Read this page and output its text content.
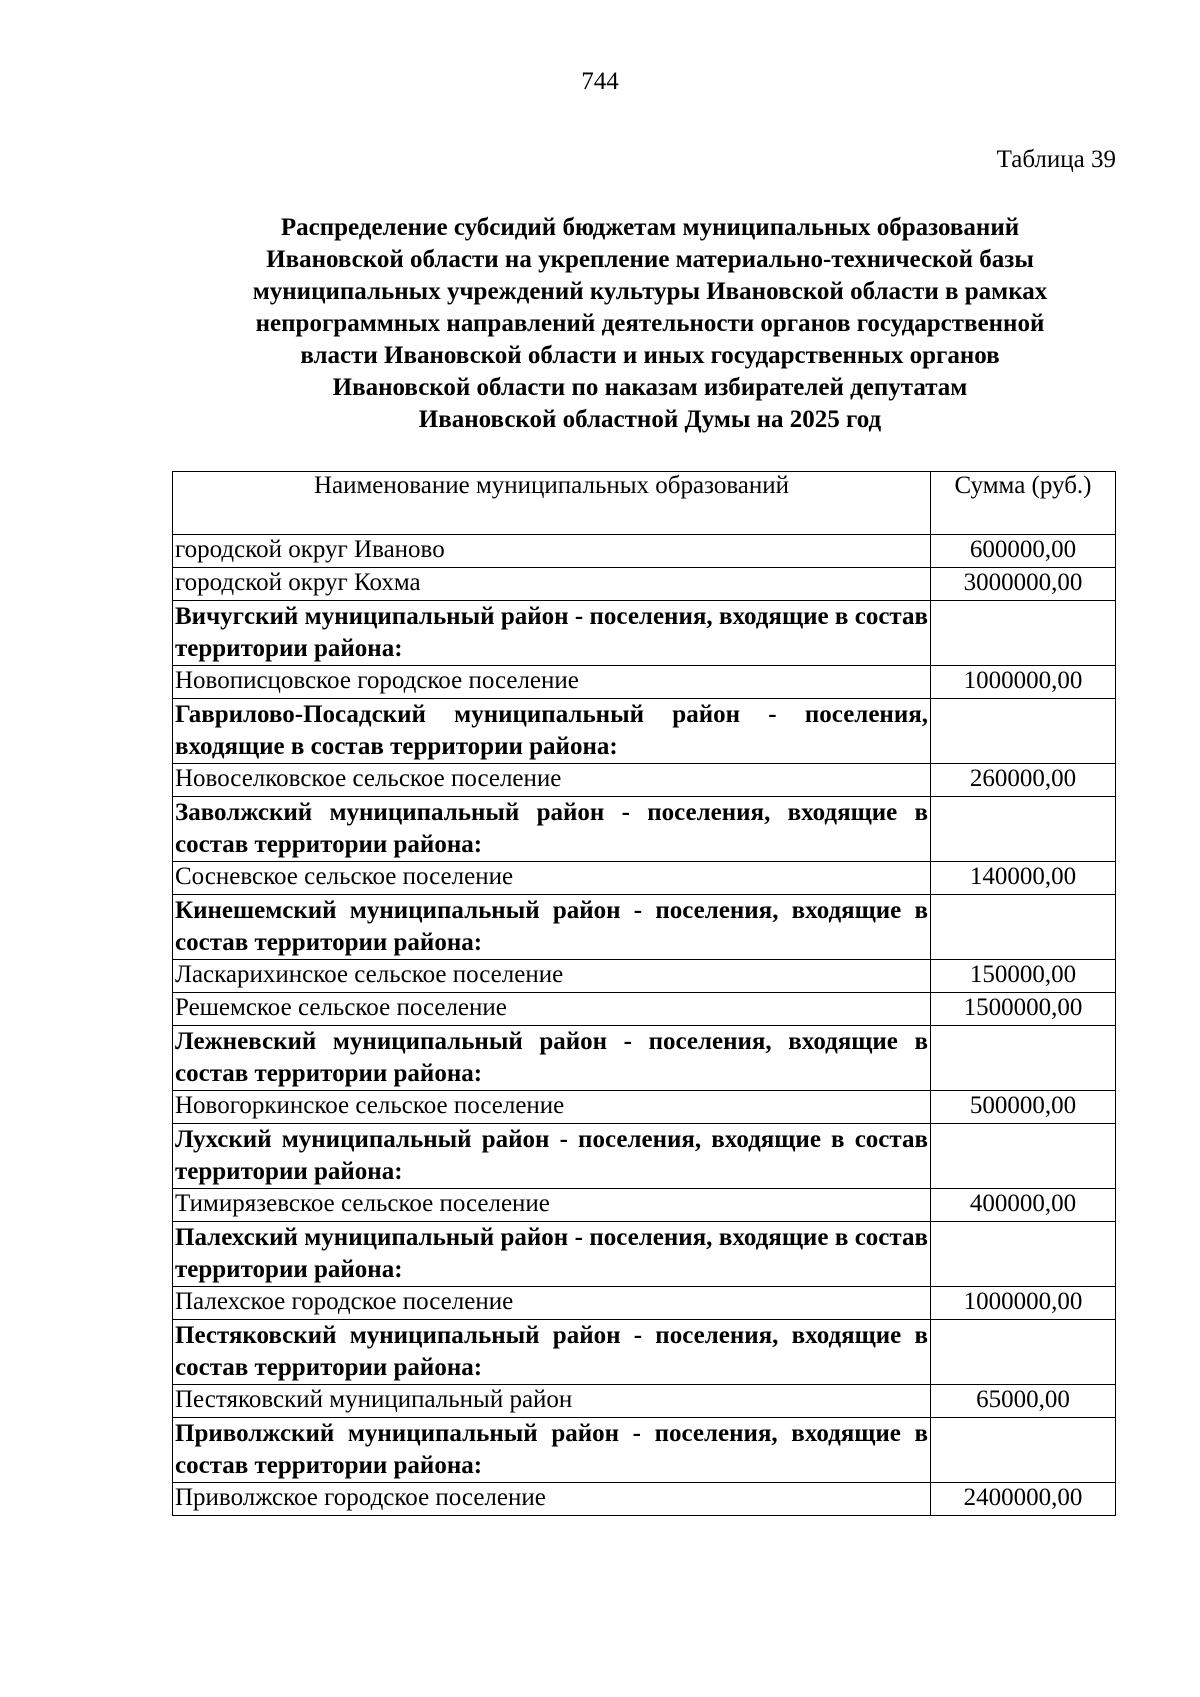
744
Таблица 39
Распределение субсидий бюджетам муниципальных образований
Ивановской области на укрепление материально-технической базы
муниципальных учреждений культуры Ивановской области в рамках
непрограммных направлений деятельности органов государственной
власти Ивановской области и иных государственных органов
Ивановской области по наказам избирателей депутатам
Ивановской областной Думы на 2025 год
Наименование муниципальных образований	Сумма (руб.)
городской округ Иваново	600000,00
городской округ Кохма	3000000,00
Вичугский муниципальный район - поселения, входящие в состав территории района:	
Новописцовское городское поселение	1000000,00
Гаврилово-Посадский муниципальный район - поселения, входящие в состав территории района:	
Новоселковское сельское поселение	260000,00
Заволжский муниципальный район - поселения, входящие в состав территории района:	
Сосневское сельское поселение	140000,00
Кинешемский муниципальный район - поселения, входящие в состав территории района:	
Ласкарихинское сельское поселение	150000,00
Решемское сельское поселение	1500000,00
Лежневский муниципальный район - поселения, входящие в состав территории района:	
Новогоркинское сельское поселение	500000,00
Лухский муниципальный район - поселения, входящие в состав территории района:	
Тимирязевское сельское поселение	400000,00
Палехский муниципальный район - поселения, входящие в состав территории района:	
Палехское городское поселение	1000000,00
Пестяковский муниципальный район - поселения, входящие в состав территории района:	
Пестяковский муниципальный район	65000,00
Приволжский муниципальный район - поселения, входящие в состав территории района:	
Приволжское городское поселение	2400000,00
